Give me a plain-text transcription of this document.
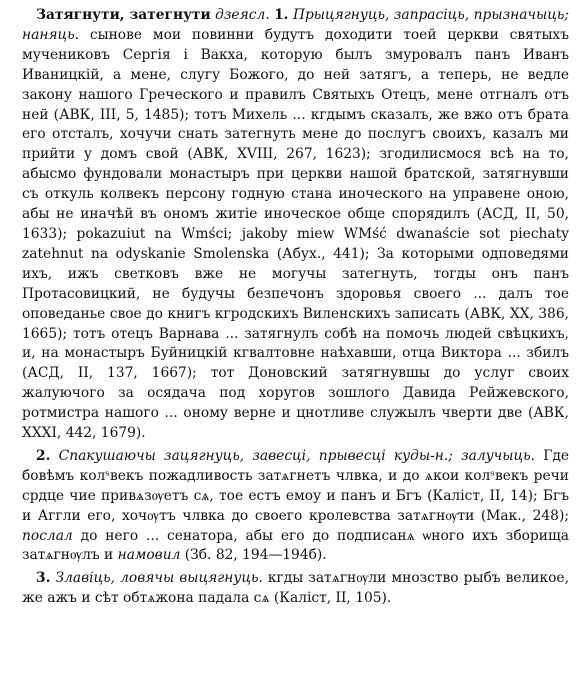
Затягнути, затегнути дзеясл. 1. Прыцягнуць, запрасіць, прызначыць; наняць. сынове мои повинни будутъ доходити тоей церкви святыхъ мучениковъ Сергія і Вакха, которую былъ змуровалъ панъ Иванъ Иваницкій, а мене, слугу Божого, до ней затягъ, а теперь, не ведле закону нашого Греческого и правилъ Святыхъ Отецъ, мене отгналъ отъ ней (АВК, III, 5, 1485); тотъ Михель ... кгдымъ сказалъ, же вжо отъ брата его отсталъ, хочучи снать затегнуть мене до послугъ своихъ, казалъ ми прийти у домъ свой (АВК, XVIII, 267, 1623); згодилисмося всѣ на то, абысмо фундовали монастыръ при церкви нашой братской, затягнувши съ откуль колвекъ персону годную стана иноческого на управене оною, абы не иначѣй въ ономъ житіе иноческое обще спорядилъ (АСД, II, 50, 1633); pokazuiut na Wmści; jakoby miew WMść dwanaście sot piechaty zatehnut na odyskanie Smolenska (Абух., 441); За которыми одповедями ихъ, ижъ светковъ вже не могучы затегнуть, тогды онъ панъ Протасовицкий, не будучы безпечонъ здоровья своего ... далъ тое оповеданье свое до книгъ кгродскихъ Виленскихъ записать (АВК, XX, 386, 1665); тотъ отецъ Варнава ... затягнулъ собѣ на помочь людей свѣцкихъ, и, на монастыръ Буйницкій кгвалтовне наѣхавши, отца Виктора ... збилъ (АСД, II, 137, 1667); тот Доновский затягнувшы до услуг своих жалуючого за осядача под хоругов зошлого Давида Рейжевского, ротмистра нашого ... оному верне и цнотливе служылъ чверти две (АВК, XXXI, 442, 1679).

2. Спакушаючы зацягнуць, завесці, прывесці куды-н.; залучыць. Где бовѣмъ колˢвекъ пожадливость затѧгнетъ члвка, и до ѧкои колˢвекъ речи срдце чие привѧзѹетъ сѧ, тое естъ емоу и панъ и Бгъ (Каліст, II, 14); Бгъ и Аггли его, хочѹтъ члвка до своего кролевства затѧгнѹти (Мак., 248); послал до него ... сенатора, абы его до подписанѧ ѡного ихъ зборища затѧгнѹлъ и намовил (Зб. 82, 194—194б).

3. Злавіць, ловячы выцягнуць. кгды затѧгнѹли мнозство рыбъ великое, же ажъ и сѣт обтѧжона падала сѧ (Каліст, II, 105).
